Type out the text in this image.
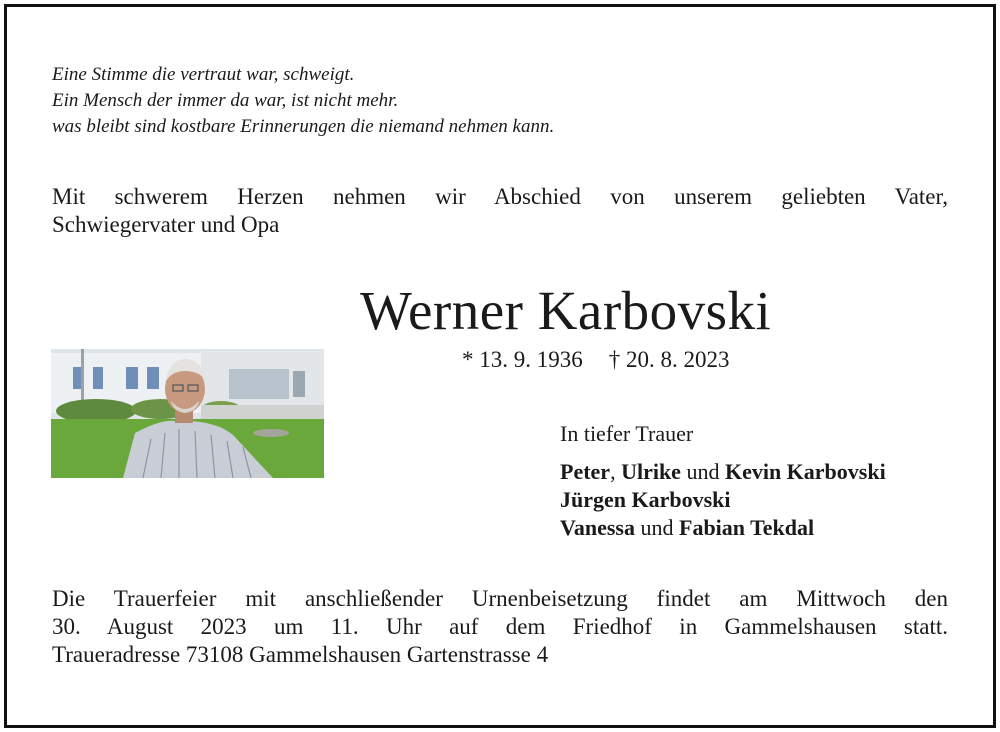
Eine Stimme die vertraut war, schweigt.
Ein Mensch der immer da war, ist nicht mehr.
was bleibt sind kostbare Erinnerungen die niemand nehmen kann.
Mit schwerem Herzen nehmen wir Abschied von unserem geliebten Vater,
Schwiegervater und Opa
Werner Karbovski
* 13. 9. 1936 † 20. 8. 2023
In tiefer Trauer
Peter, Ulrike und Kevin Karbovski
Jürgen Karbovski
Vanessa und Fabian Tekdal
Die Trauerfeier mit anschließender Urnenbeisetzung findet am Mittwoch den
30. August 2023 um 11. Uhr auf dem Friedhof in Gammelshausen statt.
Traueradresse 73108 Gammelshausen Gartenstrasse 4
